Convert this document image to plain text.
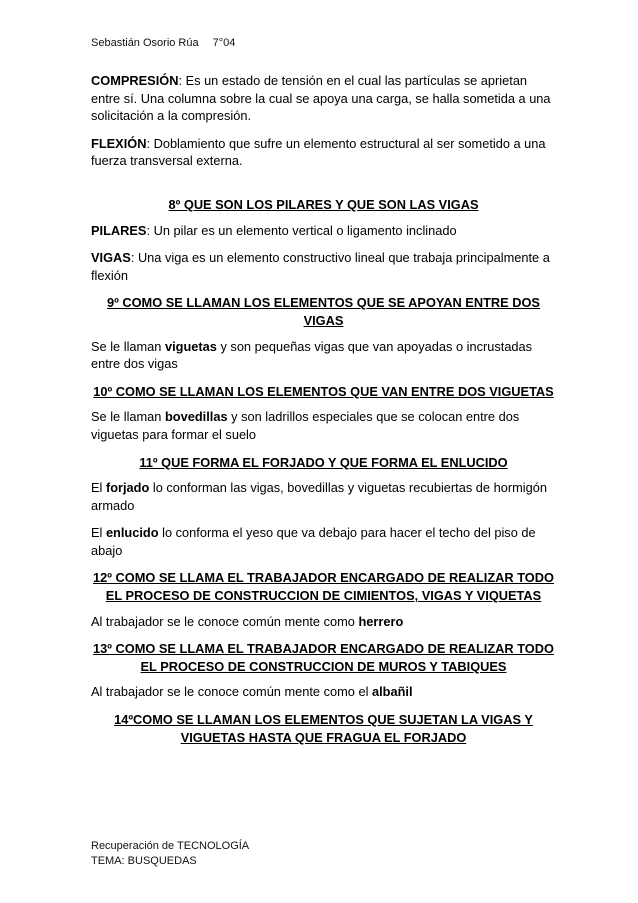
Sebastián Osorio Rúa 7°04

COMPRESIÓN: Es un estado de tensión en el cual las partículas se aprietan entre sí. Una columna sobre la cual se apoya una carga, se halla sometida a una solicitación a la compresión.

FLEXIÓN: Doblamiento que sufre un elemento estructural al ser sometido a una fuerza transversal externa.

8º QUE SON LOS PILARES Y QUE SON LAS VIGAS

PILARES: Un pilar es un elemento vertical o ligamento inclinado

VIGAS: Una viga es un elemento constructivo lineal que trabaja principalmente a flexión

9º COMO SE LLAMAN LOS ELEMENTOS QUE SE APOYAN ENTRE DOS VIGAS

Se le llaman viguetas y son pequeñas vigas que van apoyadas o incrustadas entre dos vigas

10º COMO SE LLAMAN LOS ELEMENTOS QUE VAN ENTRE DOS VIGUETAS

Se le llaman bovedillas y son ladrillos especiales que se colocan entre dos viguetas para formar el suelo

11º QUE FORMA EL FORJADO Y QUE FORMA EL ENLUCIDO

El forjado lo conforman las vigas, bovedillas y viguetas recubiertas de hormigón armado

El enlucido lo conforma el yeso que va debajo para hacer el techo del piso de abajo

12º COMO SE LLAMA EL TRABAJADOR ENCARGADO DE REALIZAR TODO EL PROCESO DE CONSTRUCCION DE CIMIENTOS, VIGAS Y VIQUETAS

Al trabajador se le conoce común mente como herrero

13º COMO SE LLAMA EL TRABAJADOR ENCARGADO DE REALIZAR TODO EL PROCESO DE CONSTRUCCION DE MUROS Y TABIQUES

Al trabajador se le conoce común mente como el albañil

14ºCOMO SE LLAMAN LOS ELEMENTOS QUE SUJETAN LA VIGAS Y VIGUETAS HASTA QUE FRAGUA EL FORJADO
Recuperación de TECNOLOGÍA
TEMA: BUSQUEDAS
